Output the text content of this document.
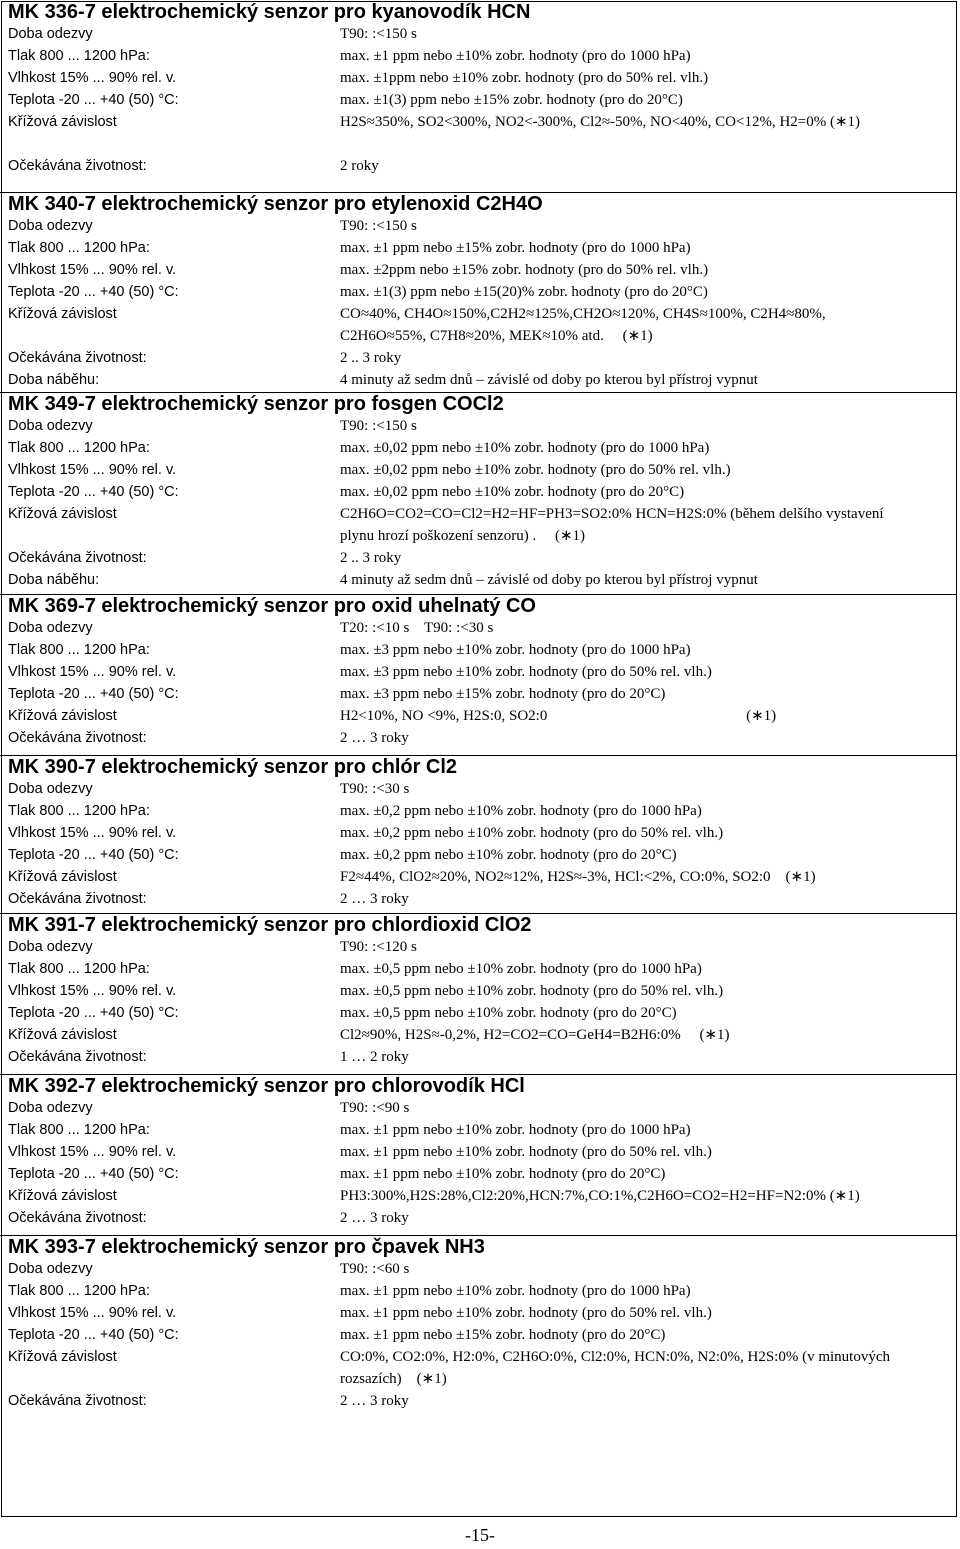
MK 336-7 elektrochemický senzor pro kyanovodík HCN
Doba odezvy	T90: :<150 s
Tlak 800 ... 1200 hPa:	max. ±1 ppm nebo ±10% zobr. hodnoty (pro do 1000 hPa)
Vlhkost 15% ... 90% rel. v.	max. ±1ppm nebo ±10% zobr. hodnoty (pro do 50% rel. vlh.)
Teplota -20 ... +40 (50) °C:	max. ±1(3) ppm nebo ±15% zobr. hodnoty (pro do 20°C)
Křížová závislost	H2S≈350%, SO2<300%, NO2<-300%, Cl2≈-50%, NO<40%, CO<12%, H2=0% (∗1)
Očekávána životnost:	2 roky
MK 340-7 elektrochemický senzor pro etylenoxid C2H4O
Doba odezvy	T90: :<150 s
Tlak 800 ... 1200 hPa:	max. ±1 ppm nebo ±15% zobr. hodnoty (pro do 1000 hPa)
Vlhkost 15% ... 90% rel. v.	max. ±2ppm nebo ±15% zobr. hodnoty (pro do 50% rel. vlh.)
Teplota -20 ... +40 (50) °C:	max. ±1(3) ppm nebo ±15(20)% zobr. hodnoty (pro do 20°C)
Křížová závislost	CO≈40%, CH4O≈150%,C2H2≈125%,CH2O≈120%, CH4S≈100%, C2H4≈80%, C2H6O≈55%, C7H8≈20%, MEK≈10% atd.     (∗1)
Očekávána životnost:	2 .. 3 roky
Doba náběhu:	4 minuty až sedm dnů – závislé od doby po kterou byl přístroj vypnut
MK 349-7 elektrochemický senzor pro fosgen COCl2
Doba odezvy	T90: :<150 s
Tlak 800 ... 1200 hPa:	max. ±0,02 ppm nebo ±10% zobr. hodnoty (pro do 1000 hPa)
Vlhkost 15% ... 90% rel. v.	max. ±0,02 ppm nebo ±10% zobr. hodnoty (pro do 50% rel. vlh.)
Teplota -20 ... +40 (50) °C:	max. ±0,02 ppm nebo ±10% zobr. hodnoty (pro do 20°C)
Křížová závislost	C2H6O=CO2=CO=Cl2=H2=HF=PH3=SO2:0% HCN=H2S:0% (během delšího vystavení plynu hrozí poškození senzoru) .     (∗1)
Očekávána životnost:	2 .. 3 roky
Doba náběhu:	4 minuty až sedm dnů – závislé od doby po kterou byl přístroj vypnut
MK 369-7 elektrochemický senzor pro oxid uhelnatý CO
Doba odezvy	T20: :<10 s    T90: :<30 s
Tlak 800 ... 1200 hPa:	max. ±3 ppm nebo ±10% zobr. hodnoty (pro do 1000 hPa)
Vlhkost 15% ... 90% rel. v.	max. ±3 ppm nebo ±10% zobr. hodnoty (pro do 50% rel. vlh.)
Teplota -20 ... +40 (50) °C:	max. ±3 ppm nebo ±15% zobr. hodnoty (pro do 20°C)
Křížová závislost	H2<10%, NO <9%, H2S:0, SO2:0                                                     (∗1)
Očekávána životnost:	2 … 3 roky
MK 390-7 elektrochemický senzor pro chlór Cl2
Doba odezvy	T90: :<30 s
Tlak 800 ... 1200 hPa:	max. ±0,2 ppm nebo ±10% zobr. hodnoty (pro do 1000 hPa)
Vlhkost 15% ... 90% rel. v.	max. ±0,2 ppm nebo ±10% zobr. hodnoty (pro do 50% rel. vlh.)
Teplota -20 ... +40 (50) °C:	max. ±0,2 ppm nebo ±10% zobr. hodnoty (pro do 20°C)
Křížová závislost	F2≈44%, ClO2≈20%, NO2≈12%, H2S≈-3%, HCl:<2%, CO:0%, SO2:0    (∗1)
Očekávána životnost:	2 … 3 roky
MK 391-7 elektrochemický senzor pro chlordioxid ClO2
Doba odezvy	T90: :<120 s
Tlak 800 ... 1200 hPa:	max. ±0,5 ppm nebo ±10% zobr. hodnoty (pro do 1000 hPa)
Vlhkost 15% ... 90% rel. v.	max. ±0,5 ppm nebo ±10% zobr. hodnoty (pro do 50% rel. vlh.)
Teplota -20 ... +40 (50) °C:	max. ±0,5 ppm nebo ±10% zobr. hodnoty (pro do 20°C)
Křížová závislost	Cl2≈90%, H2S≈-0,2%, H2=CO2=CO=GeH4=B2H6:0%     (∗1)
Očekávána životnost:	1 … 2 roky
MK 392-7 elektrochemický senzor pro chlorovodík HCl
Doba odezvy	T90: :<90 s
Tlak 800 ... 1200 hPa:	max. ±1 ppm nebo ±10% zobr. hodnoty (pro do 1000 hPa)
Vlhkost 15% ... 90% rel. v.	max. ±1 ppm nebo ±10% zobr. hodnoty (pro do 50% rel. vlh.)
Teplota -20 ... +40 (50) °C:	max. ±1 ppm nebo ±10% zobr. hodnoty (pro do 20°C)
Křížová závislost	PH3:300%,H2S:28%,Cl2:20%,HCN:7%,CO:1%,C2H6O=CO2=H2=HF=N2:0% (∗1)
Očekávána životnost:	2 … 3 roky
MK 393-7 elektrochemický senzor pro čpavek NH3
Doba odezvy	T90: :<60 s
Tlak 800 ... 1200 hPa:	max. ±1 ppm nebo ±10% zobr. hodnoty (pro do 1000 hPa)
Vlhkost 15% ... 90% rel. v.	max. ±1 ppm nebo ±10% zobr. hodnoty (pro do 50% rel. vlh.)
Teplota -20 ... +40 (50) °C:	max. ±1 ppm nebo ±15% zobr. hodnoty (pro do 20°C)
Křížová závislost	CO:0%, CO2:0%, H2:0%, C2H6O:0%, Cl2:0%, HCN:0%, N2:0%, H2S:0% (v minutových rozsazích)    (∗1)
Očekávána životnost:	2 … 3 roky
-15-
